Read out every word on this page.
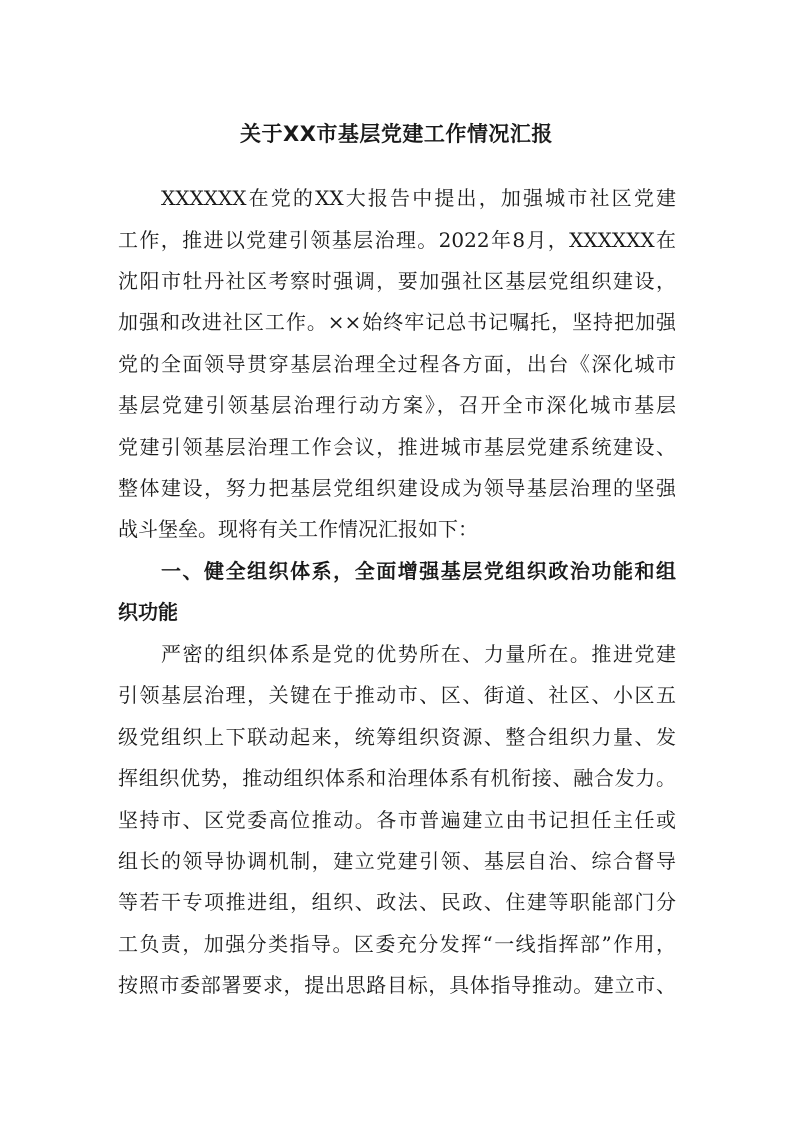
关于XX市基层党建工作情况汇报
XXXXXX在党的XX大报告中提出，加强城市社区党建
工作，推进以党建引领基层治理。2022年8月，XXXXXX在
沈阳市牡丹社区考察时强调，要加强社区基层党组织建设，
加强和改进社区工作。××始终牢记总书记嘱托，坚持把加强
党的全面领导贯穿基层治理全过程各方面，出台《深化城市
基层党建引领基层治理行动方案》，召开全市深化城市基层
党建引领基层治理工作会议，推进城市基层党建系统建设、
整体建设，努力把基层党组织建设成为领导基层治理的坚强
战斗堡垒。现将有关工作情况汇报如下：
一、健全组织体系，全面增强基层党组织政治功能和组
织功能
严密的组织体系是党的优势所在、力量所在。推进党建
引领基层治理，关键在于推动市、区、街道、社区、小区五
级党组织上下联动起来，统筹组织资源、整合组织力量、发
挥组织优势，推动组织体系和治理体系有机衔接、融合发力。
坚持市、区党委高位推动。各市普遍建立由书记担任主任或
组长的领导协调机制，建立党建引领、基层自治、综合督导
等若干专项推进组，组织、政法、民政、住建等职能部门分
工负责，加强分类指导。区委充分发挥“一线指挥部”作用，
按照市委部署要求，提出思路目标，具体指导推动。建立市、
